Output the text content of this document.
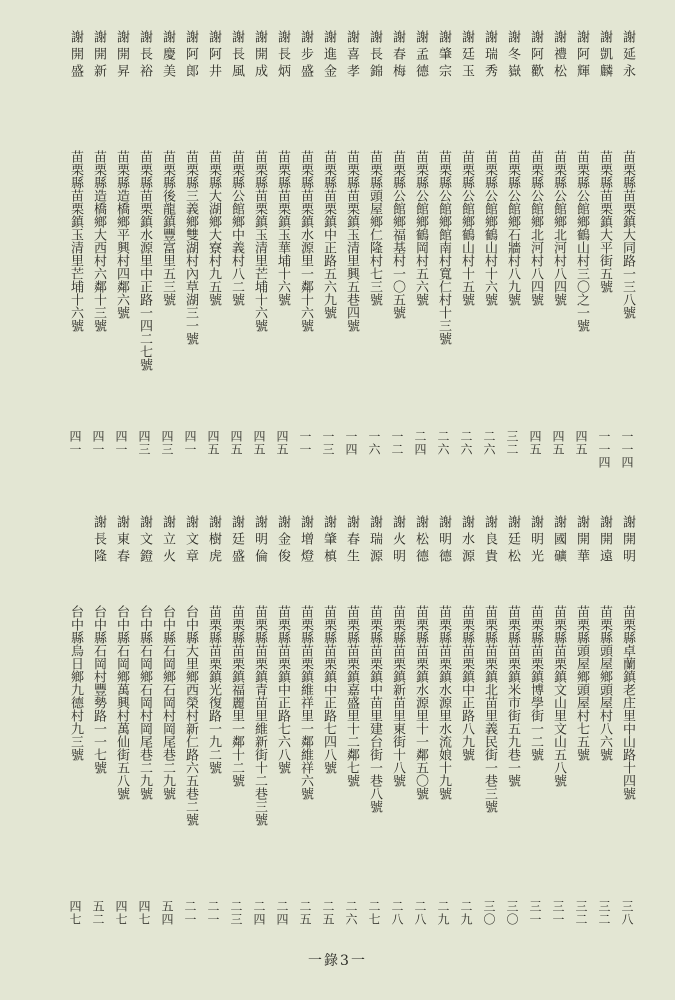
謝延永
苗栗縣苗栗鎮大同路一三八號
一一四
謝凱麟
苗栗縣苗栗鎮大平街五號
一一四
謝阿輝
苗栗縣公館鄉鶴山村三〇之一號
四五
謝禮松
苗栗縣公館鄉北河村八四號
四五
謝阿歡
苗栗縣公館鄉北河村八四號
四五
謝冬嶽
苗栗縣公館鄉石牆村八九號
三二
謝瑞秀
苗栗縣公館鄉鶴山村十六號
二六
謝廷玉
苗栗縣公館鄉鶴山村十五號
二六
謝肇宗
苗栗縣公館鄉館南村寬仁村十三號
二六
謝孟德
苗栗縣公館鄉鶴岡村五六號
二四
謝春梅
苗栗縣公館鄉福基村一〇五號
一二
謝長錦
苗栗縣頭屋鄉仁隆村七三號
一六
謝喜孝
苗栗縣苗栗鎮玉清里興五巷四號
一四
謝進金
苗栗縣苗栗鎮中正路五六九號
一三
謝步盛
苗栗縣苗栗鎮水源里一鄰十六號
一一
謝長炳
苗栗縣苗栗鎮玉華埔十六號
四五
謝開成
苗栗縣苗栗鎮玉清里芒埔十六號
四五
謝長風
苗栗縣公館鄉中義村八二號
四五
謝阿井
苗栗縣大湖鄉大寮村九五號
四五
謝阿郎
苗栗縣三義鄉雙湖村內草湖三一號
四一
謝慶美
苗栗縣後龍鎮豐富里五三號
四三
謝長裕
苗栗縣苗栗鎮水源里中正路一四二七號
四三
謝開昇
苗栗縣造橋鄉平興村四鄰六號
四一
謝開新
苗栗縣造橋鄉大西村六鄰十三號
四一
謝開盛
苗栗縣苗栗鎮玉清里芒埔十六號
四一
謝開明
苗栗縣卓蘭鎮老庄里中山路十四號
三八
謝開遠
苗栗縣頭屋鄉頭屋村八六號
三二
謝開華
苗栗縣頭屋鄉頭屋村七五號
三二
謝國礦
苗栗縣苗栗鎮文山里文山五八號
三一
謝明光
苗栗縣苗栗鎮博學街一二號
三一
謝廷松
苗栗縣苗栗鎮米市街五九巷一號
三〇
謝良貴
苗栗縣苗栗鎮北苗里義民街一巷三號
三〇
謝水源
苗栗縣苗栗鎮中正路八九號
二九
謝明德
苗栗縣苗栗鎮水源里水流娘十九號
二九
謝松德
苗栗縣苗栗鎮水源里十一鄰五〇號
二八
謝火明
苗栗縣苗栗鎮新苗里東街十八號
二八
謝瑞源
苗栗縣苗栗鎮中苗里建台街一巷八號
二七
謝春生
苗栗縣苗栗鎮嘉盛里十二鄰七號
二六
謝肇槙
苗栗縣苗栗鎮中正路七四八號
二五
謝增燈
苗栗縣苗栗鎮維祥里一鄰維祥六號
二五
謝金俊
苗栗縣苗栗鎮中正路七六八號
二四
謝明倫
苗栗縣苗栗鎮青苗里維新街十二巷三號
二四
謝廷盛
苗栗縣苗栗鎮福麗里一鄰十二號
二三
謝樹虎
苗栗縣苗栗鎮光復路一九二號
二一
謝文章
台中縣大里鄉西榮村新仁路六五巷二號
二一
謝立火
台中縣石岡鄉石岡村岡尾巷二九號
五四
謝文鐙
台中縣石岡鄉石岡村岡尾巷二九號
四七
謝東春
台中縣石岡鄉萬興村萬仙街五八號
四七
謝長隆
台中縣石岡村豐勢路一一七號
五二
台中縣烏日鄉九德村九三號
四七
一錄3一
